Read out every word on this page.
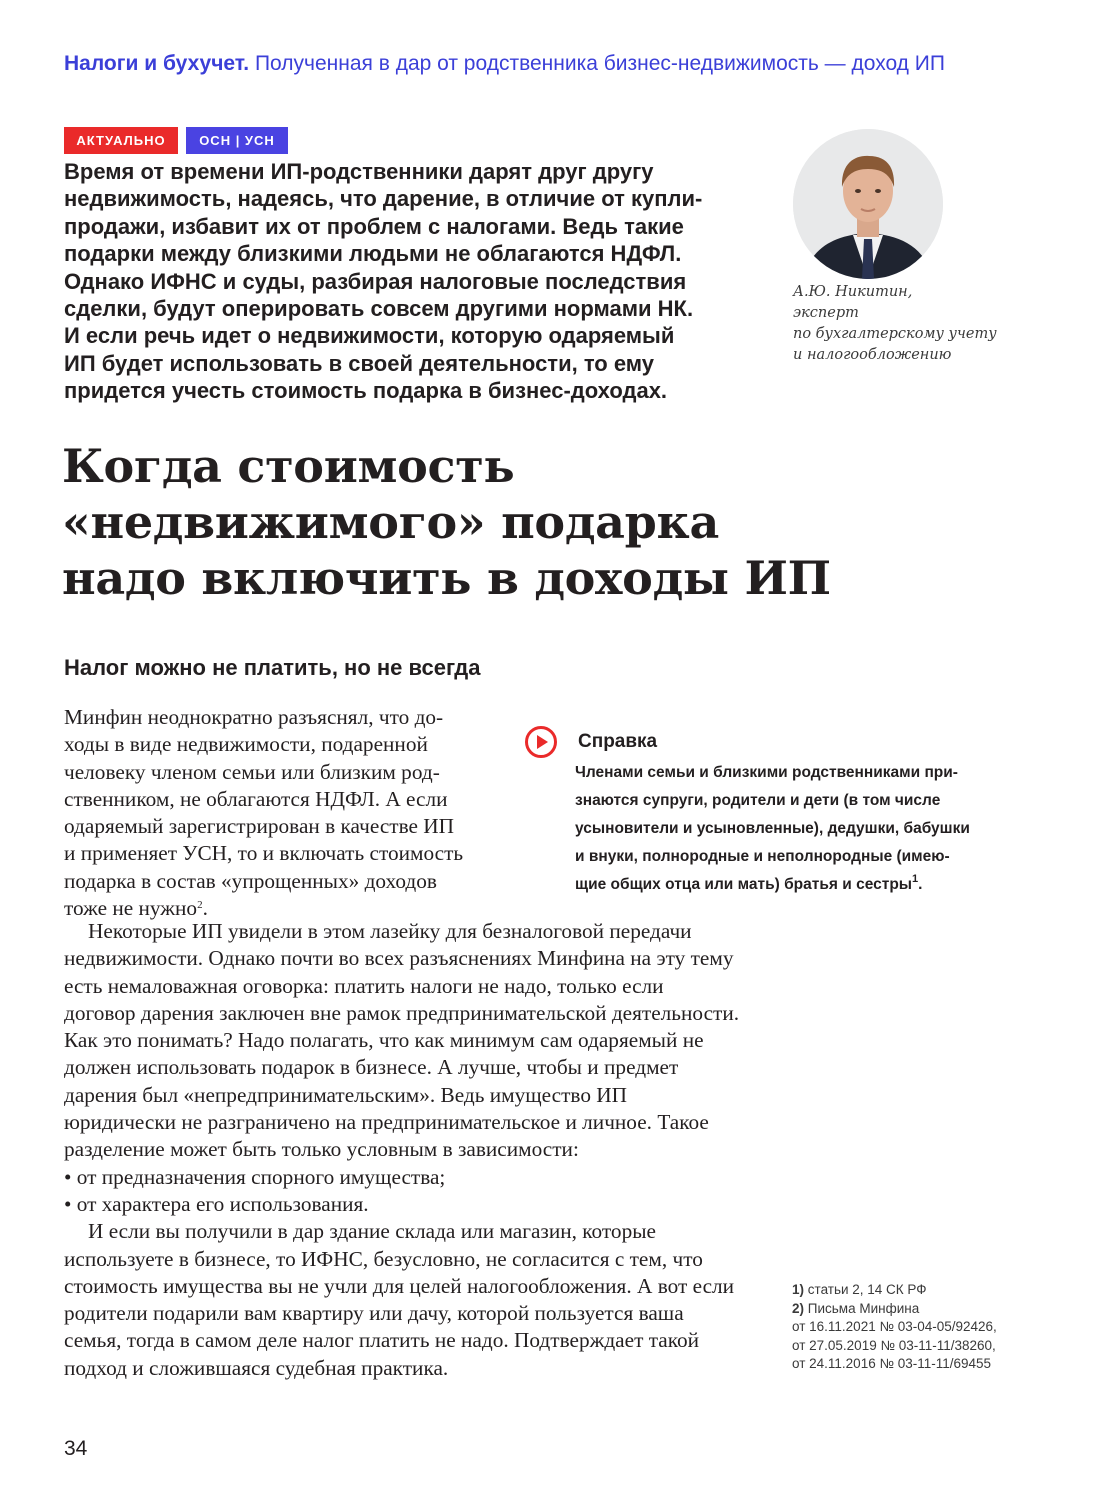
Налоги и бухучет. Полученная в дар от родственника бизнес-недвижимость — доход ИП
АКТУАЛЬНО	ОСН | УСН
Время от времени ИП-родственники дарят друг другу
недвижимость, надеясь, что дарение, в отличие от купли-
продажи, избавит их от проблем с налогами. Ведь такие
подарки между близкими людьми не облагаются НДФЛ.
Однако ИФНС и суды, разбирая налоговые последствия
сделки, будут оперировать совсем другими нормами НК.
И если речь идет о недвижимости, которую одаряемый
ИП будет использовать в своей деятельности, то ему
придется учесть стоимость подарка в бизнес-доходах.
А.Ю. Никитин,
эксперт
по бухгалтерскому учету
и налогообложению
Когда стоимость
«недвижимого» подарка
надо включить в доходы ИП
Налог можно не платить, но не всегда
Минфин неоднократно разъяснял, что до-
ходы в виде недвижимости, подаренной
человеку членом семьи или близким род-
ственником, не облагаются НДФЛ. А если
одаряемый зарегистрирован в качестве ИП
и применяет УСН, то и включать стоимость
подарка в состав «упрощенных» доходов
тоже не нужно$^2$.
Справка
Членами семьи и близкими родственниками при-
знаются супруги, родители и дети (в том числе
усыновители и усыновленные), дедушки, бабушки
и внуки, полнородные и неполнородные (имею-
щие общих отца или мать) братья и сестры$^1$.

Некоторые ИП увидели в этом лазейку для безналоговой передачи недвижимости. Однако почти во всех разъяснениях Минфина на эту тему есть немаловажная оговорка: платить налоги не надо, только если договор дарения заключен вне рамок предпринимательской деятельности. Как это понимать? Надо полагать, что как минимум сам одаряемый не должен использовать подарок в бизнесе. А лучше, чтобы и предмет дарения был «непредпринимательским». Ведь имущество ИП юридически не разграничено на предпринимательское и личное. Такое разделение может быть только условным в зависимости:

• от предназначения спорного имущества;

• от характера его использования.

И если вы получили в дар здание склада или магазин, которые используете в бизнесе, то ИФНС, безусловно, не согласится с тем, что стоимость имущества вы не учли для целей налогообложения. А вот если родители подарили вам квартиру или дачу, которой пользуется ваша семья, тогда в самом деле налог платить не надо. Подтверждает такой подход и сложившаяся судебная практика.

1) статьи 2, 14 СК РФ

2) Письма Минфина

от 16.11.2021 № 03-04-05/92426,

от 27.05.2019 № 03-11-11/38260,

от 24.11.2016 № 03-11-11/69455

34
